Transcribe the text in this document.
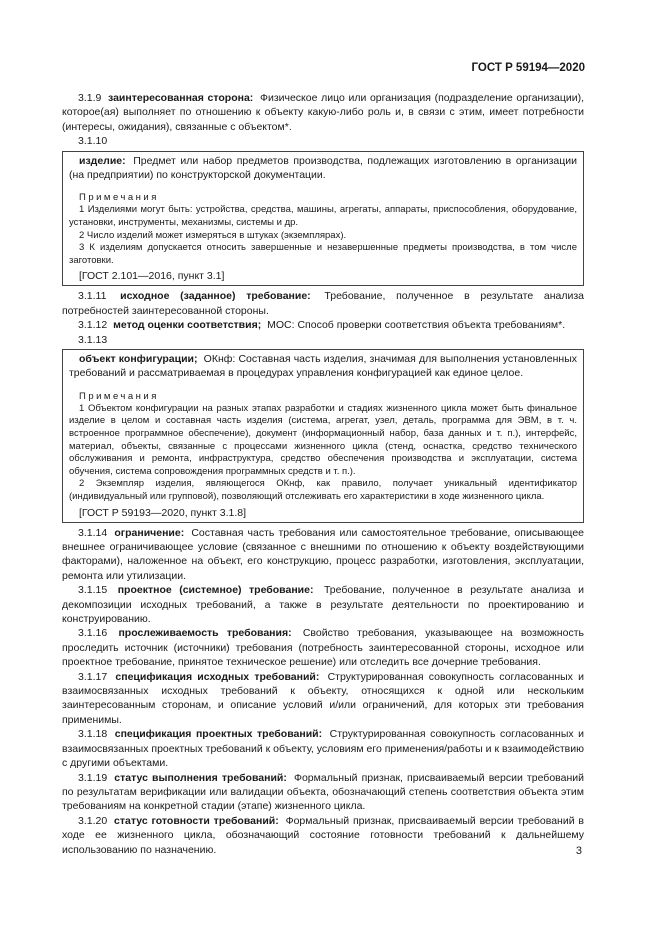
ГОСТ Р 59194—2020

3.1.9 заинтересованная сторона: Физическое лицо или организация (подразделение организации), которое(ая) выполняет по отношению к объекту какую-либо роль и, в связи с этим, имеет потребности (интересы, ожидания), связанные с объектом*.

3.1.10

изделие: Предмет или набор предметов производства, подлежащих изготовлению в организации (на предприятии) по конструкторской документации.

Примечания

1 Изделиями могут быть: устройства, средства, машины, агрегаты, аппараты, приспособления, оборудование, установки, инструменты, механизмы, системы и др.

2 Число изделий может измеряться в штуках (экземплярах).

3 К изделиям допускается относить завершенные и незавершенные предметы производства, в том числе заготовки.

[ГОСТ 2.101—2016, пункт 3.1]

3.1.11 исходное (заданное) требование: Требование, полученное в результате анализа потребностей заинтересованной стороны.

3.1.12 метод оценки соответствия; МОС: Способ проверки соответствия объекта требованиям*.

3.1.13

объект конфигурации; ОКнф: Составная часть изделия, значимая для выполнения установленных требований и рассматриваемая в процедурах управления конфигурацией как единое целое.

Примечания

1 Объектом конфигурации на разных этапах разработки и стадиях жизненного цикла может быть финальное изделие в целом и составная часть изделия (система, агрегат, узел, деталь, программа для ЭВМ, в т. ч. встроенное программное обеспечение), документ (информационный набор, база данных и т. п.), интерфейс, материал, объекты, связанные с процессами жизненного цикла (стенд, оснастка, средство технического обслуживания и ремонта, инфраструктура, средство обеспечения производства и эксплуатации, система обучения, система сопровождения программных средств и т. п.).

2 Экземпляр изделия, являющегося ОКнф, как правило, получает уникальный идентификатор (индивидуальный или групповой), позволяющий отслеживать его характеристики в ходе жизненного цикла.

[ГОСТ Р 59193—2020, пункт 3.1.8]

3.1.14 ограничение: Составная часть требования или самостоятельное требование, описывающее внешнее ограничивающее условие (связанное с внешними по отношению к объекту воздействующими факторами), наложенное на объект, его конструкцию, процесс разработки, изготовления, эксплуатации, ремонта или утилизации.

3.1.15 проектное (системное) требование: Требование, полученное в результате анализа и декомпозиции исходных требований, а также в результате деятельности по проектированию и конструированию.

3.1.16 прослеживаемость требования: Свойство требования, указывающее на возможность проследить источник (источники) требования (потребность заинтересованной стороны, исходное или проектное требование, принятое техническое решение) или отследить все дочерние требования.

3.1.17 спецификация исходных требований: Структурированная совокупность согласованных и взаимосвязанных исходных требований к объекту, относящихся к одной или нескольким заинтересованным сторонам, и описание условий и/или ограничений, для которых эти требования применимы.

3.1.18 спецификация проектных требований: Структурированная совокупность согласованных и взаимосвязанных проектных требований к объекту, условиям его применения/работы и к взаимодействию с другими объектами.

3.1.19 статус выполнения требований: Формальный признак, присваиваемый версии требований по результатам верификации или валидации объекта, обозначающий степень соответствия объекта этим требованиям на конкретной стадии (этапе) жизненного цикла.

3.1.20 статус готовности требований: Формальный признак, присваиваемый версии требований в ходе ее жизненного цикла, обозначающий состояние готовности требований к дальнейшему использованию по назначению.	3
